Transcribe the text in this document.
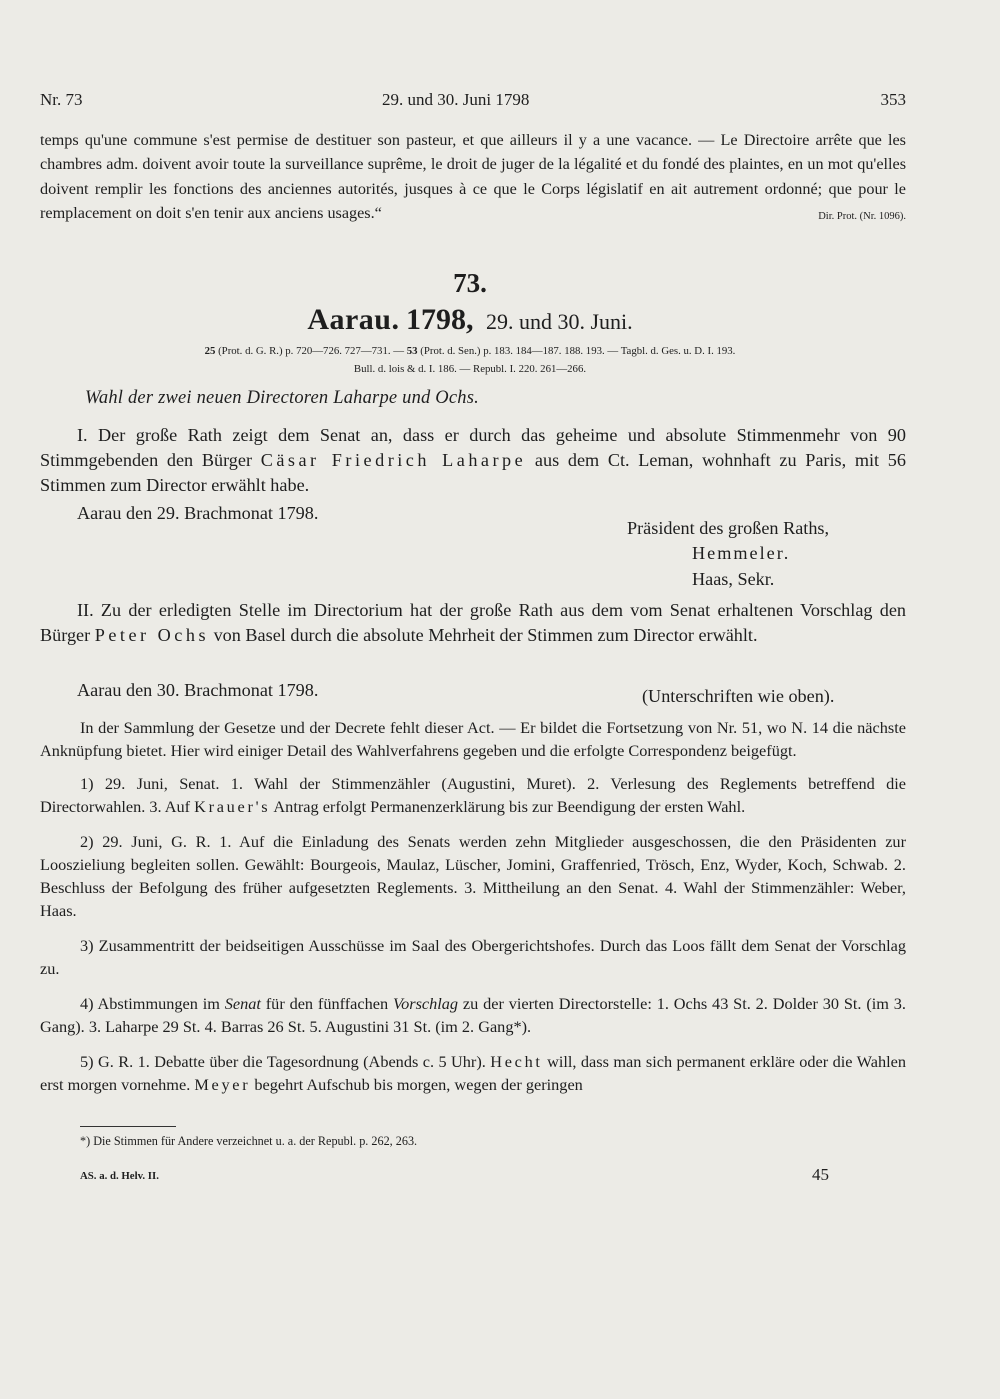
Nr. 73	29. und 30. Juni 1798	353
temps qu'une commune s'est permise de destituer son pasteur, et que ailleurs il y a une vacance. — Le Directoire arrête que les chambres adm. doivent avoir toute la surveillance suprême, le droit de juger de la légalité et du fondé des plaintes, en un mot qu'elles doivent remplir les fonctions des anciennes autorités, jusques à ce que le Corps législatif en ait autrement ordonné; que pour le remplacement on doit s'en tenir aux anciens usages.“	Dir. Prot. (Nr. 1096).
73.
Aarau. 1798, 29. und 30. Juni.
25 (Prot. d. G. R.) p. 720—726. 727—731. — 53 (Prot. d. Sen.) p. 183. 184—187. 188. 193. — Tagbl. d. Ges. u. D. I. 193.
Bull. d. lois & d. I. 186. — Republ. I. 220. 261—266.
Wahl der zwei neuen Directoren Laharpe und Ochs.
I. Der große Rath zeigt dem Senat an, dass er durch das geheime und absolute Stimmenmehr von 90 Stimmgebenden den Bürger Cäsar Friedrich Laharpe aus dem Ct. Leman, wohnhaft zu Paris, mit 56 Stimmen zum Director erwählt habe.
Aarau den 29. Brachmonat 1798.
Präsident des großen Raths,
Hemmeler.
Haas, Sekr.
II. Zu der erledigten Stelle im Directorium hat der große Rath aus dem vom Senat erhaltenen Vorschlag den Bürger Peter Ochs von Basel durch die absolute Mehrheit der Stimmen zum Director erwählt.
Aarau den 30. Brachmonat 1798.	(Unterschriften wie oben).

In der Sammlung der Gesetze und der Decrete fehlt dieser Act. — Er bildet die Fortsetzung von Nr. 51, wo N. 14 die nächste Anknüpfung bietet. Hier wird einiger Detail des Wahlverfahrens gegeben und die erfolgte Correspondenz beigefügt.

1) 29. Juni, Senat. 1. Wahl der Stimmenzähler (Augustini, Muret). 2. Verlesung des Reglements betreffend die Directorwahlen. 3. Auf Krauer's Antrag erfolgt Permanenzerklärung bis zur Beendigung der ersten Wahl.

2) 29. Juni, G. R. 1. Auf die Einladung des Senats werden zehn Mitglieder ausgeschossen, die den Präsidenten zur Looszieliung begleiten sollen. Gewählt: Bourgeois, Maulaz, Lüscher, Jomini, Graffenried, Trösch, Enz, Wyder, Koch, Schwab. 2. Beschluss der Befolgung des früher aufgesetzten Reglements. 3. Mittheilung an den Senat. 4. Wahl der Stimmenzähler: Weber, Haas.

3) Zusammentritt der beidseitigen Ausschüsse im Saal des Obergerichtshofes. Durch das Loos fällt dem Senat der Vorschlag zu.

4) Abstimmungen im Senat für den fünffachen Vorschlag zu der vierten Directorstelle: 1. Ochs 43 St. 2. Dolder 30 St. (im 3. Gang). 3. Laharpe 29 St. 4. Barras 26 St. 5. Augustini 31 St. (im 2. Gang*).

5) G. R. 1. Debatte über die Tagesordnung (Abends c. 5 Uhr). Hecht will, dass man sich permanent erkläre oder die Wahlen erst morgen vornehme. Meyer begehrt Aufschub bis morgen, wegen der geringen

*) Die Stimmen für Andere verzeichnet u. a. der Republ. p. 262, 263.
AS. a. d. Helv. II.	45
